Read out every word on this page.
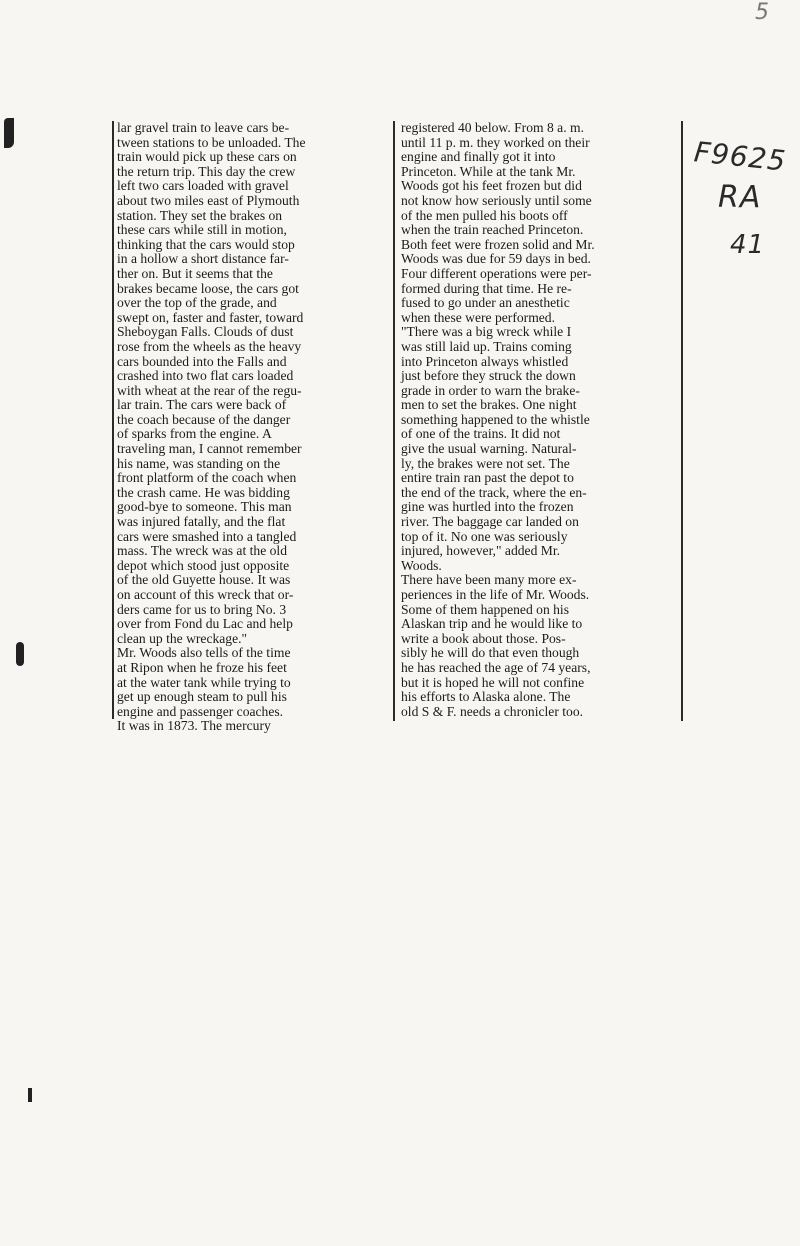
5
lar gravel train to leave cars be-
tween stations to be unloaded. The
train would pick up these cars on
the return trip. This day the crew
left two cars loaded with gravel
about two miles east of Plymouth
station. They set the brakes on
these cars while still in motion,
thinking that the cars would stop
in a hollow a short distance far-
ther on. But it seems that the
brakes became loose, the cars got
over the top of the grade, and
swept on, faster and faster, toward
Sheboygan Falls. Clouds of dust
rose from the wheels as the heavy
cars bounded into the Falls and
crashed into two flat cars loaded
with wheat at the rear of the regu-
lar train. The cars were back of
the coach because of the danger
of sparks from the engine. A
traveling man, I cannot remember
his name, was standing on the
front platform of the coach when
the crash came. He was bidding
good-bye to someone. This man
was injured fatally, and the flat
cars were smashed into a tangled
mass. The wreck was at the old
depot which stood just opposite
of the old Guyette house. It was
on account of this wreck that or-
ders came for us to bring No. 3
over from Fond du Lac and help
clean up the wreckage."
Mr. Woods also tells of the time
at Ripon when he froze his feet
at the water tank while trying to
get up enough steam to pull his
engine and passenger coaches.
It was in 1873. The mercury
registered 40 below. From 8 a. m.
until 11 p. m. they worked on their
engine and finally got it into
Princeton. While at the tank Mr.
Woods got his feet frozen but did
not know how seriously until some
of the men pulled his boots off
when the train reached Princeton.
Both feet were frozen solid and Mr.
Woods was due for 59 days in bed.
Four different operations were per-
formed during that time. He re-
fused to go under an anesthetic
when these were performed.
"There was a big wreck while I
was still laid up. Trains coming
into Princeton always whistled
just before they struck the down
grade in order to warn the brake-
men to set the brakes. One night
something happened to the whistle
of one of the trains. It did not
give the usual warning. Natural-
ly, the brakes were not set. The
entire train ran past the depot to
the end of the track, where the en-
gine was hurtled into the frozen
river. The baggage car landed on
top of it. No one was seriously
injured, however," added Mr.
Woods.
There have been many more ex-
periences in the life of Mr. Woods.
Some of them happened on his
Alaskan trip and he would like to
write a book about those. Pos-
sibly he will do that even though
he has reached the age of 74 years,
but it is hoped he will not confine
his efforts to Alaska alone. The
old S & F. needs a chronicler too.
F9625
RA
41
